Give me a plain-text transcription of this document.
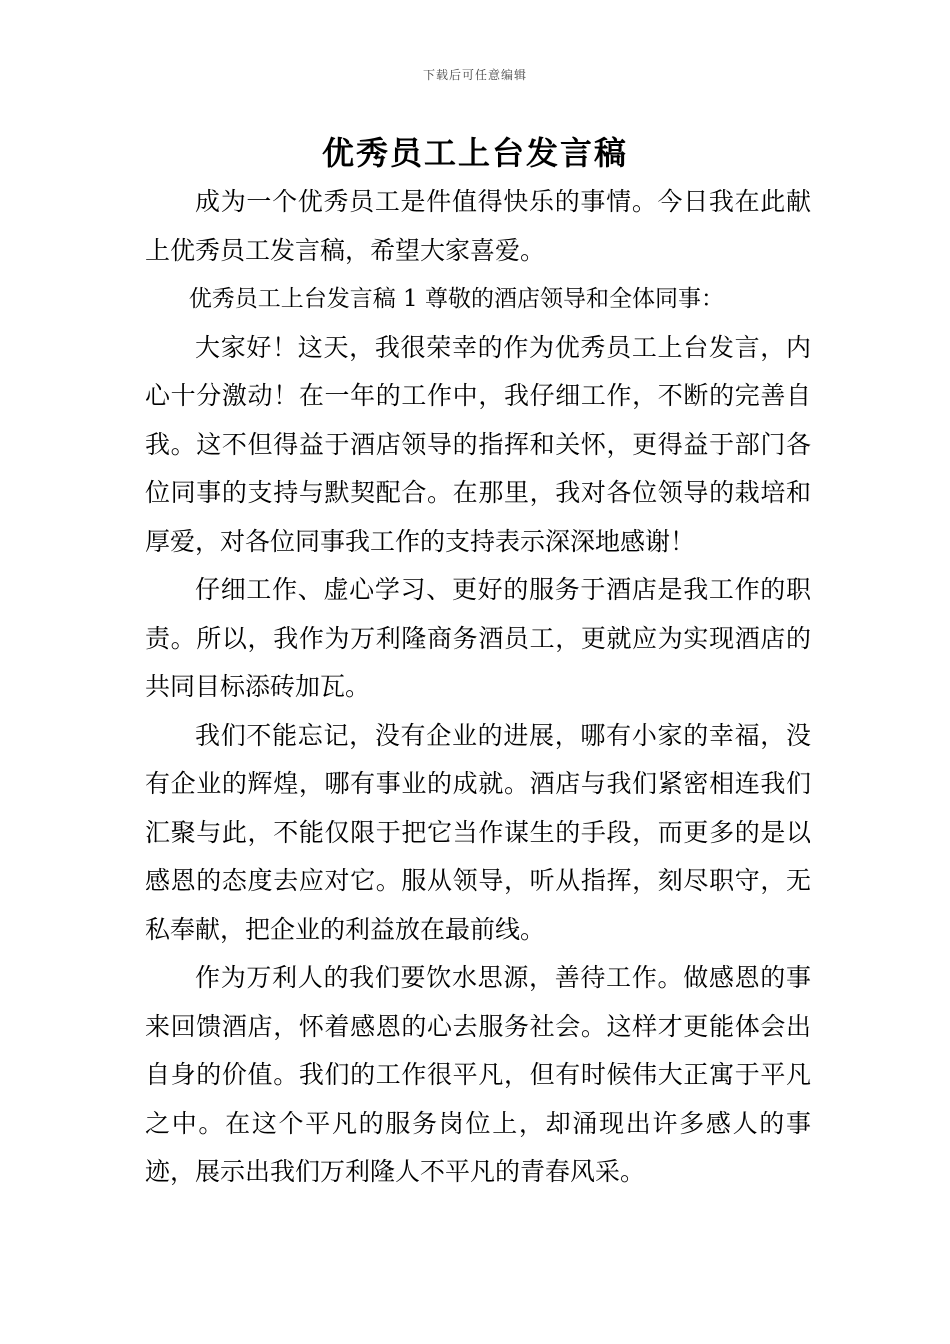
下载后可任意编辑
优秀员工上台发言稿

成为一个优秀员工是件值得快乐的事情。今日我在此献上优秀员工发言稿，希望大家喜爱。

优秀员工上台发言稿 1 尊敬的酒店领导和全体同事：

大家好！这天，我很荣幸的作为优秀员工上台发言，内心十分激动！在一年的工作中，我仔细工作，不断的完善自我。这不但得益于酒店领导的指挥和关怀，更得益于部门各位同事的支持与默契配合。在那里，我对各位领导的栽培和厚爱，对各位同事我工作的支持表示深深地感谢！

仔细工作、虚心学习、更好的服务于酒店是我工作的职责。所以，我作为万利隆商务酒员工，更就应为实现酒店的共同目标添砖加瓦。

我们不能忘记，没有企业的进展，哪有小家的幸福，没有企业的辉煌，哪有事业的成就。酒店与我们紧密相连我们汇聚与此，不能仅限于把它当作谋生的手段，而更多的是以感恩的态度去应对它。服从领导，听从指挥，刻尽职守，无私奉献，把企业的利益放在最前线。

作为万利人的我们要饮水思源，善待工作。做感恩的事来回馈酒店，怀着感恩的心去服务社会。这样才更能体会出自身的价值。我们的工作很平凡，但有时候伟大正寓于平凡之中。在这个平凡的服务岗位上，却涌现出许多感人的事迹，展示出我们万利隆人不平凡的青春风采。
